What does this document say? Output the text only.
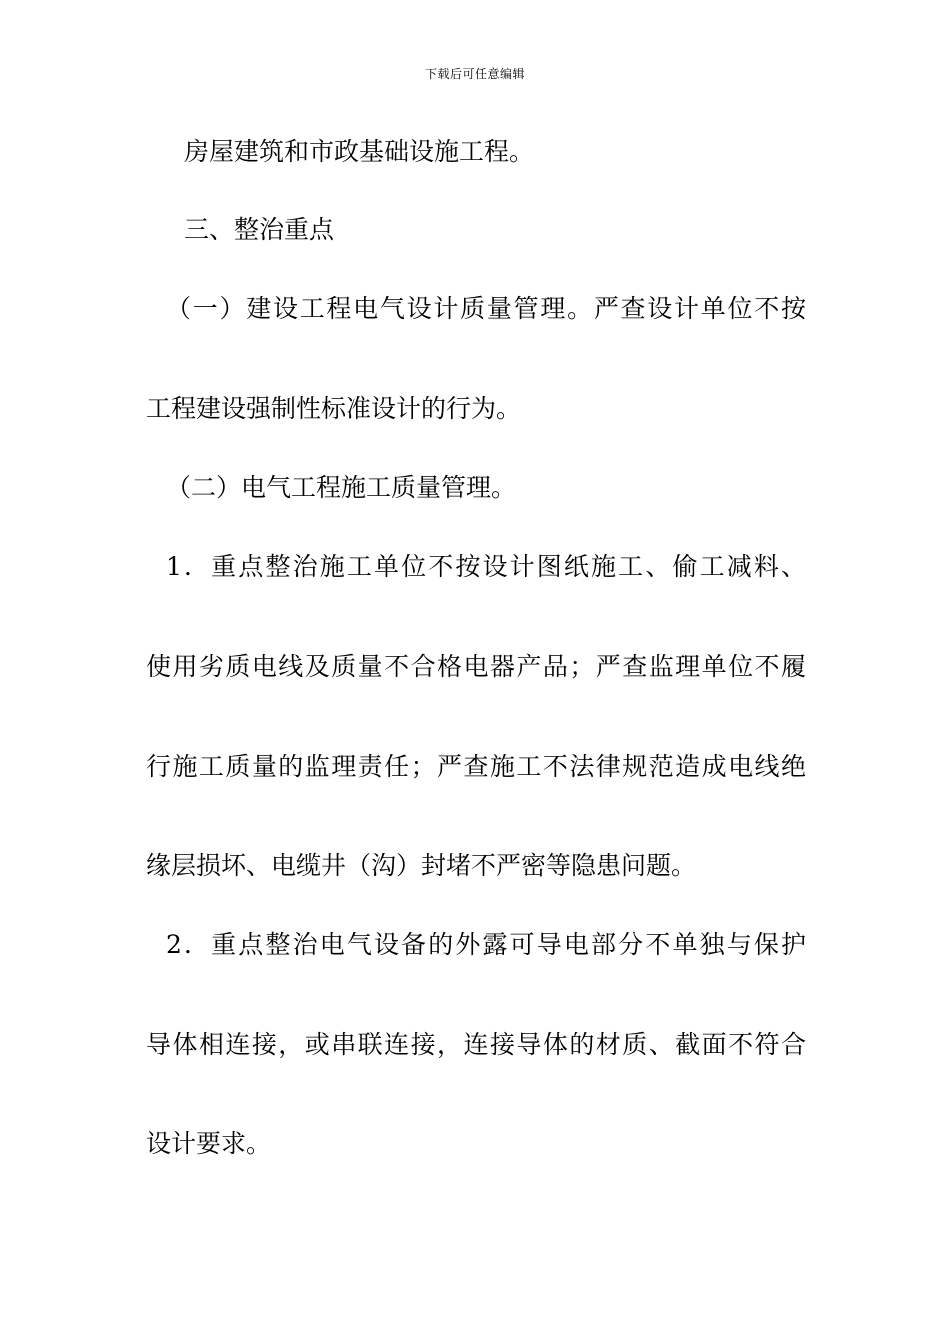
下载后可任意编辑
房屋建筑和市政基础设施工程。
三、整治重点
（一）建设工程电气设计质量管理。严查设计单位不按
工程建设强制性标准设计的行为。
（二）电气工程施工质量管理。
1．重点整治施工单位不按设计图纸施工、偷工减料、
使用劣质电线及质量不合格电器产品；严查监理单位不履
行施工质量的监理责任；严查施工不法律规范造成电线绝
缘层损坏、电缆井（沟）封堵不严密等隐患问题。
2．重点整治电气设备的外露可导电部分不单独与保护
导体相连接，或串联连接，连接导体的材质、截面不符合
设计要求。
